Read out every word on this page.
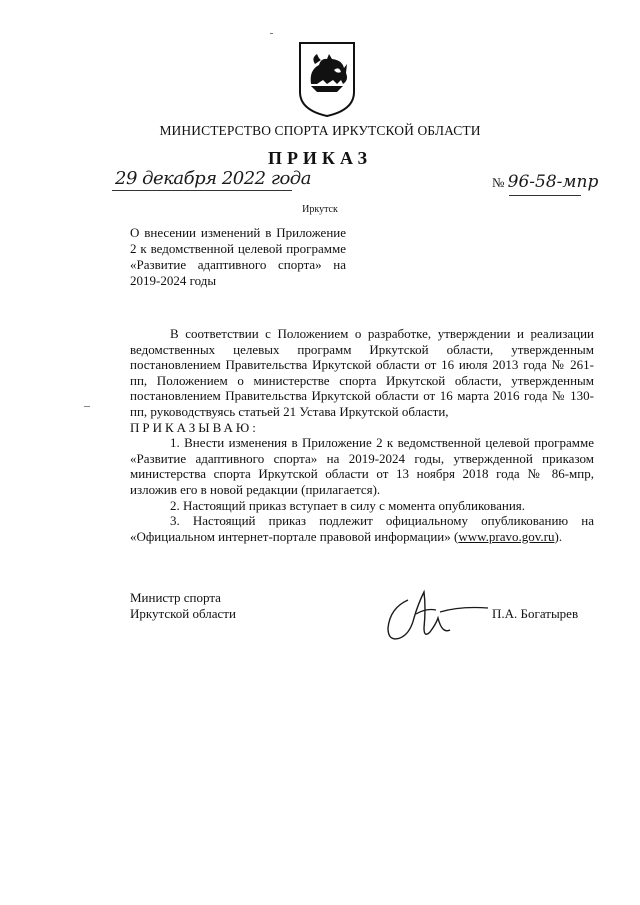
МИНИСТЕРСТВО СПОРТА ИРКУТСКОЙ ОБЛАСТИ
ПРИКАЗ
29 декабря 2022 года	№ 96-58-мпр
Иркутск
О внесении изменений в Приложение 2 к ведомственной целевой программе «Развитие адаптивного спорта» на 2019-2024 годы

В соответствии с Положением о разработке, утверждении и реализации ведомственных целевых программ Иркутской области, утвержденным постановлением Правительства Иркутской области от 16 июля 2013 года № 261-пп, Положением о министерстве спорта Иркутской области, утвержденным постановлением Правительства Иркутской области от 16 марта 2016 года № 130-пп, руководствуясь статьей 21 Устава Иркутской области,

ПРИКАЗЫВАЮ:

1. Внести изменения в Приложение 2 к ведомственной целевой программе «Развитие адаптивного спорта» на 2019-2024 годы, утвержденной приказом министерства спорта Иркутской области от 13 ноября 2018 года № 86-мпр, изложив его в новой редакции (прилагается).

2. Настоящий приказ вступает в силу с момента опубликования.

3. Настоящий приказ подлежит официальному опубликованию на «Официальном интернет-портале правовой информации» (www.pravo.gov.ru).

Министр спорта
Иркутской области	П.А. Богатырев
